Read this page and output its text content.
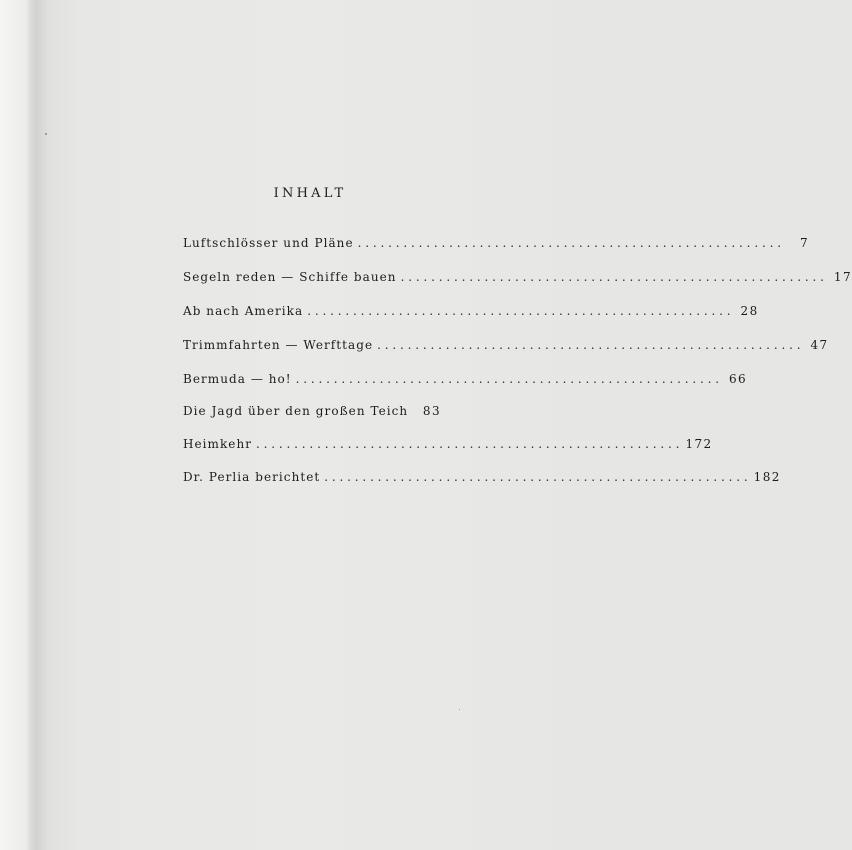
INHALT
Luftschlösser und Pläne . . .	7
Segeln reden — Schiffe bauen . . .	17
Ab nach Amerika . . .	28
Trimmfahrten — Werfttage . . .	47
Bermuda — ho! . . .	66
Die Jagd über den großen Teich . . .	83
Heimkehr . . .	172
Dr. Perlia berichtet . . .	182
